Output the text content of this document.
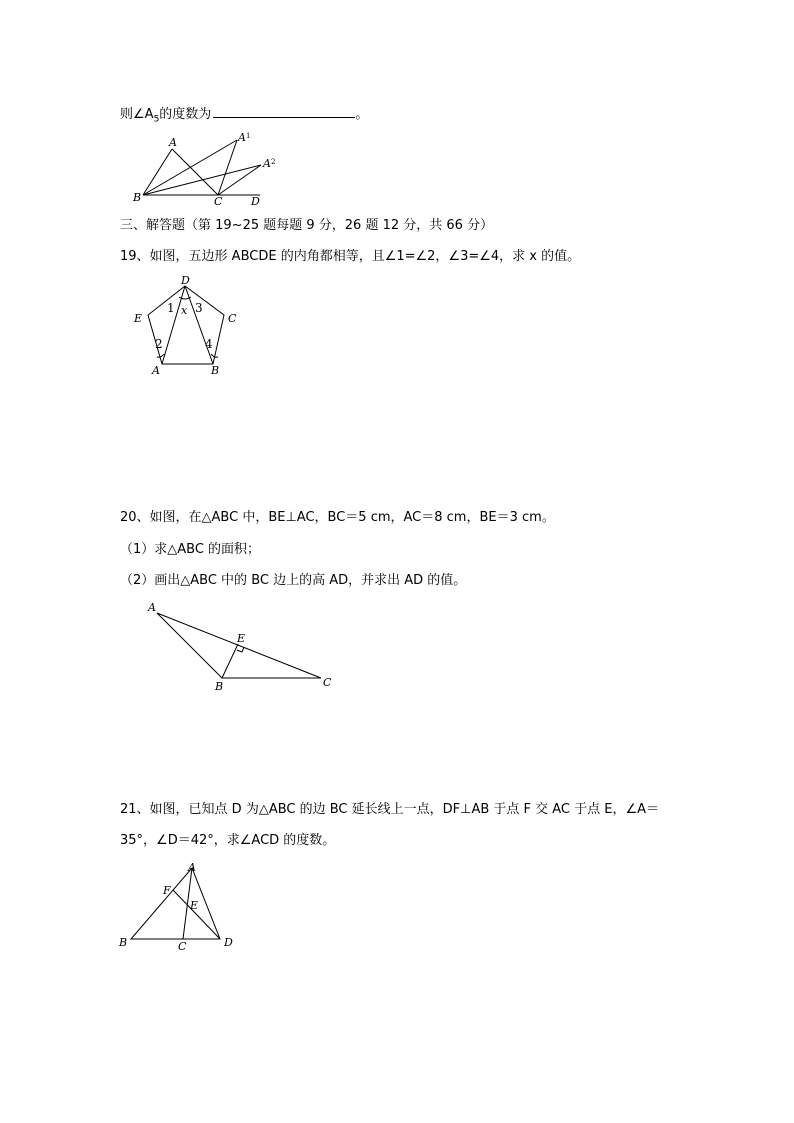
则$\angle A_5$的度数为	。
A	$A^1$
$A^2$
B	C	D
三、解答题（第 19~25 题每题 9 分，26 题 12 分，共 66 分）
19、如图，五边形 ABCDE 的内角都相等，且∠1=∠2，∠3=∠4，求 x 的值。
D
E	C
A	B
1 x 3
2	4
20、如图，在△ABC 中，BE⊥AC，BC＝5 cm，AC＝8 cm，BE＝3 cm。
（1）求△ABC 的面积；
（2）画出△ABC 中的 BC 边上的高 AD，并求出 AD 的值。
A
E
B	C
21、如图，已知点 D 为△ABC 的边 BC 延长线上一点，DF⊥AB 于点 F 交 AC 于点 E，∠A＝
35°，∠D＝42°，求∠ACD 的度数。
A
F
E
B	C	D
